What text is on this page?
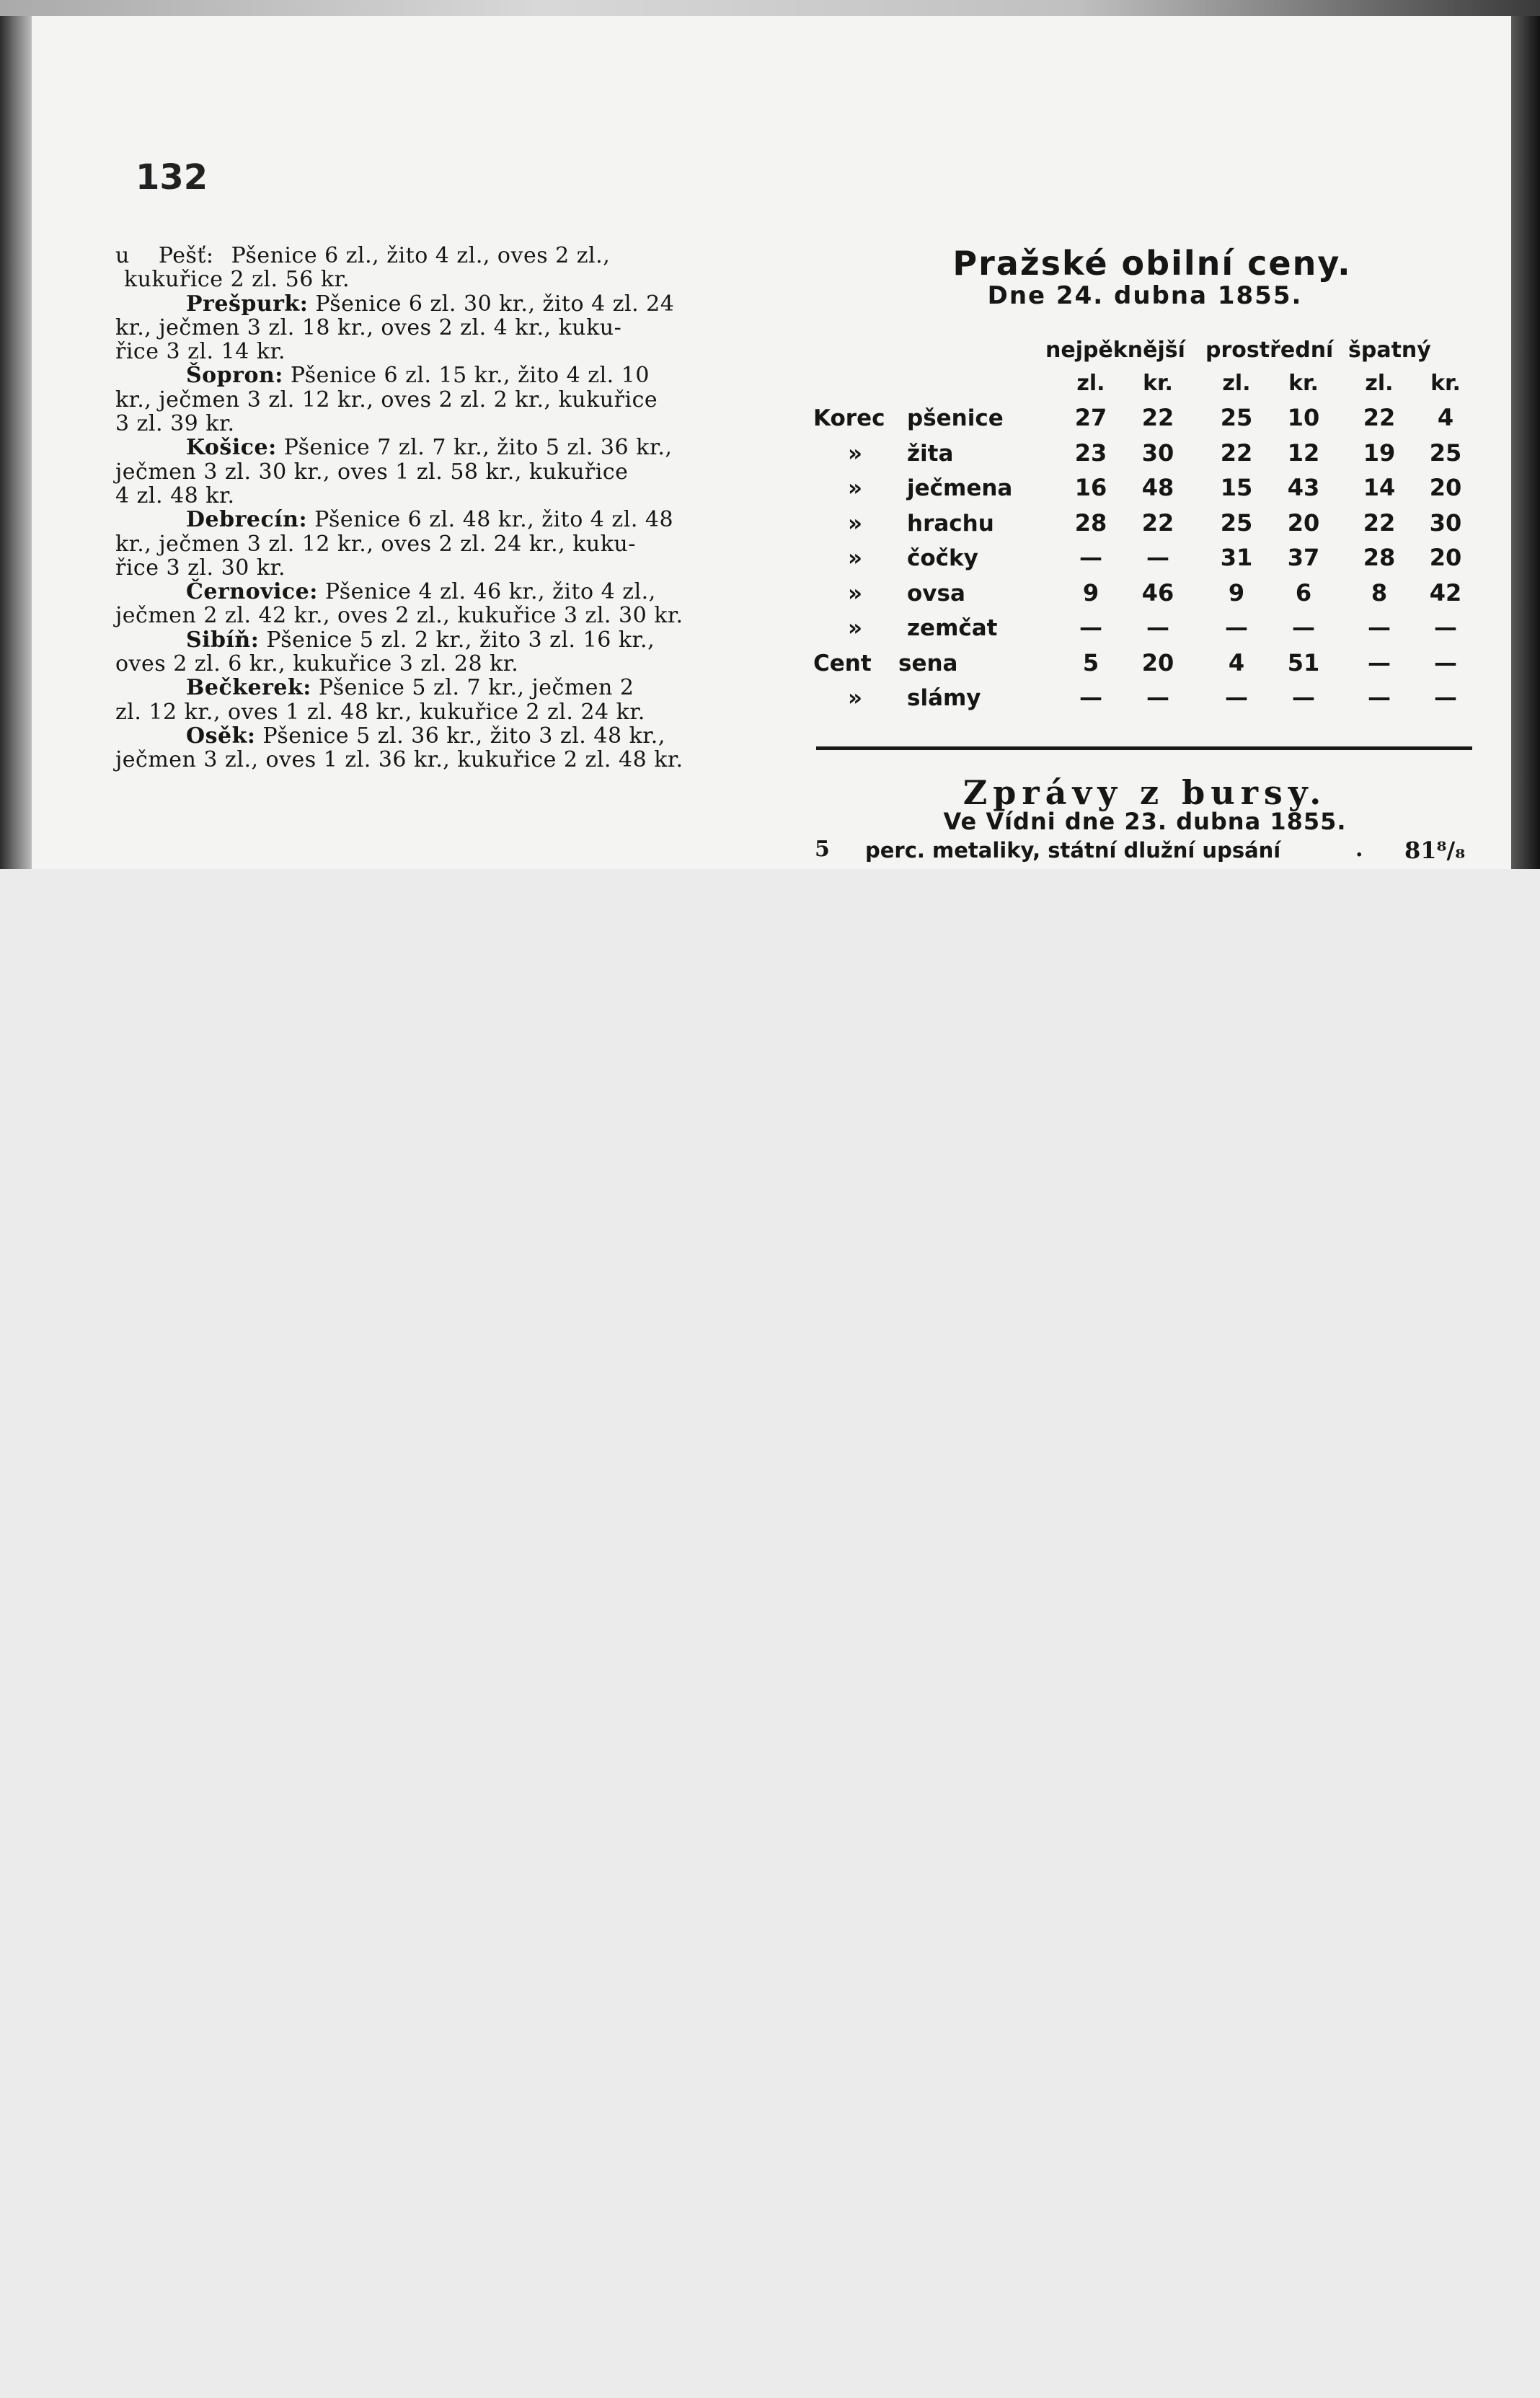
132
u Pešť: Pšenice 6 zl., žito 4 zl., oves 2 zl.,
kukuřice 2 zl. 56 kr.
Prešpurk: Pšenice 6 zl. 30 kr., žito 4 zl. 24
kr., ječmen 3 zl. 18 kr., oves 2 zl. 4 kr., kuku-
řice 3 zl. 14 kr.
Šopron: Pšenice 6 zl. 15 kr., žito 4 zl. 10
kr., ječmen 3 zl. 12 kr., oves 2 zl. 2 kr., kukuřice
3 zl. 39 kr.
Košice: Pšenice 7 zl. 7 kr., žito 5 zl. 36 kr.,
ječmen 3 zl. 30 kr., oves 1 zl. 58 kr., kukuřice
4 zl. 48 kr.
Debrecín: Pšenice 6 zl. 48 kr., žito 4 zl. 48
kr., ječmen 3 zl. 12 kr., oves 2 zl. 24 kr., kuku-
řice 3 zl. 30 kr.
Černovice: Pšenice 4 zl. 46 kr., žito 4 zl.,
ječmen 2 zl. 42 kr., oves 2 zl., kukuřice 3 zl. 30 kr.
Sibíň: Pšenice 5 zl. 2 kr., žito 3 zl. 16 kr.,
oves 2 zl. 6 kr., kukuřice 3 zl. 28 kr.
Bečkerek: Pšenice 5 zl. 7 kr., ječmen 2
zl. 12 kr., oves 1 zl. 48 kr., kukuřice 2 zl. 24 kr.
Osěk: Pšenice 5 zl. 36 kr., žito 3 zl. 48 kr.,
ječmen 3 zl., oves 1 zl. 36 kr., kukuřice 2 zl. 48 kr.
Pražské obilní ceny.
Dne 24. dubna 1855.
nejpěknější prostřední špatný
zl. kr. zl. kr. zl. kr.
Korec pšenice	27	22	25	10	22	4
» žita	23	30	22	12	19	25
» ječmena	16	48	15	43	14	20
» hrachu	28	22	25	20	22	30
» čočky	—	—	31	37	28	20
» ovsa	9	46	9	6	8	42
» zemčat	—	—	—	—	—	—
Cent sena	5	20	4	51	—	—
» slámy	—	—	—	—	—	—
Zprávy z bursy.
Ve Vídni dne 23. dubna 1855.
5 perc. metaliky, státní dlužní upsání	. 81⁸/₈
